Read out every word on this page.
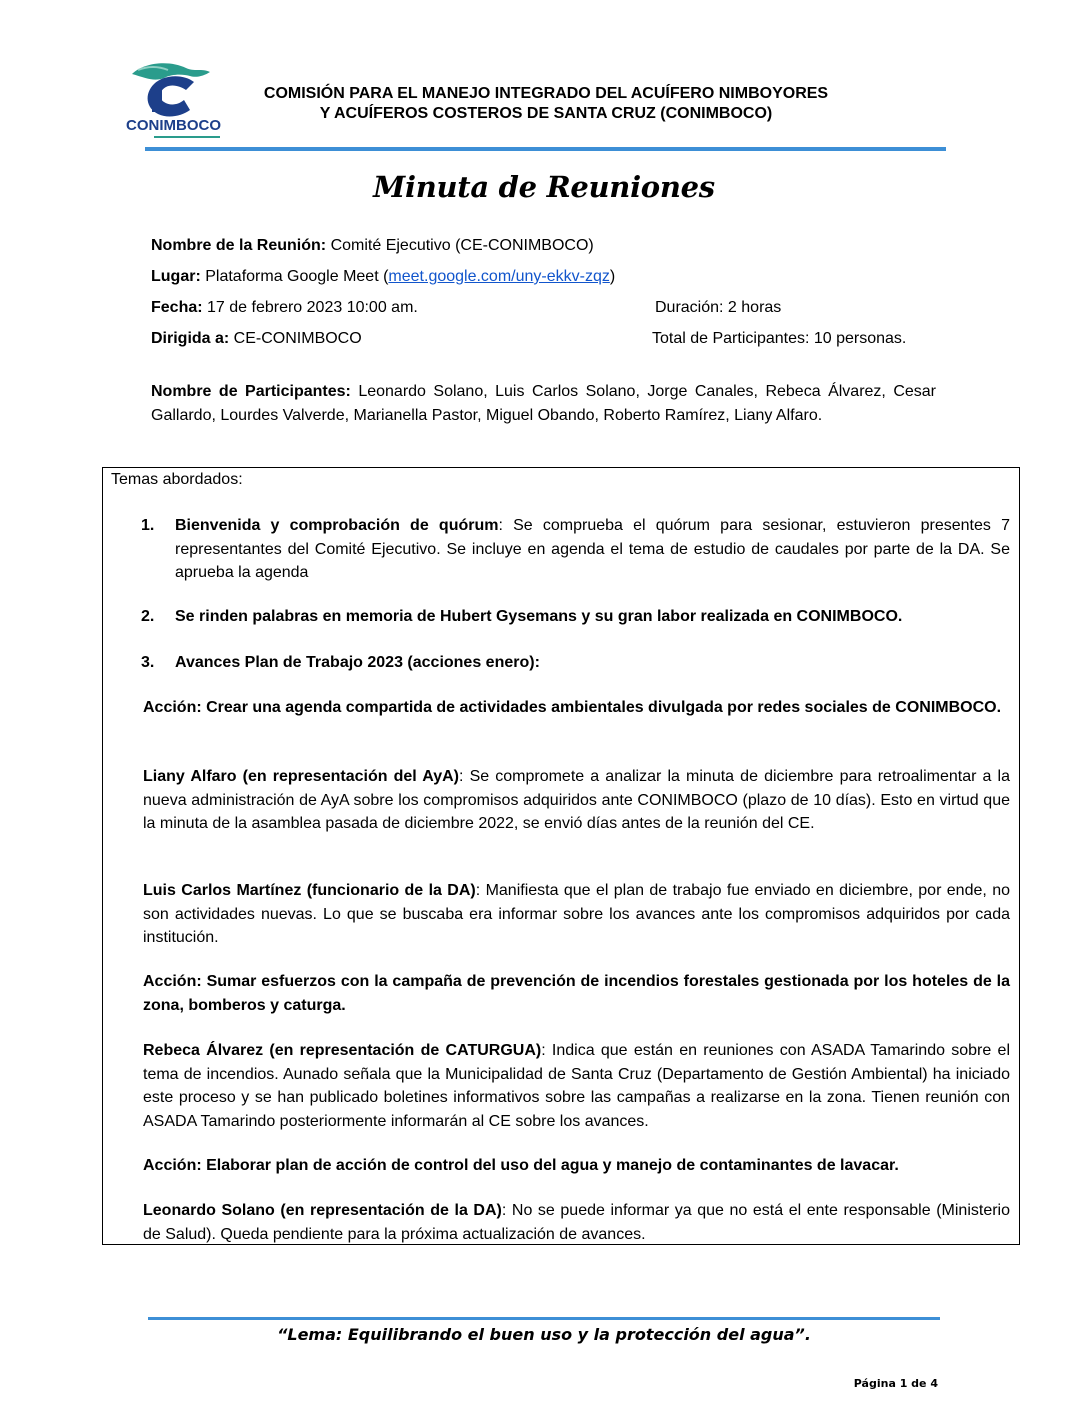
CONIMBOCO
COMISIÓN PARA EL MANEJO INTEGRADO DEL ACUÍFERO NIMBOYORES
Y ACUÍFEROS COSTEROS DE SANTA CRUZ (CONIMBOCO)
Minuta de Reuniones
Nombre de la Reunión: Comité Ejecutivo (CE-CONIMBOCO)
Lugar: Plataforma Google Meet (meet.google.com/uny-ekkv-zqz)
Fecha: 17 de febrero 2023 10:00 am.	Duración: 2 horas
Dirigida a: CE-CONIMBOCO	Total de Participantes: 10 personas.
Nombre de Participantes: Leonardo Solano, Luis Carlos Solano, Jorge Canales, Rebeca Álvarez, Cesar Gallardo, Lourdes Valverde, Marianella Pastor, Miguel Obando, Roberto Ramírez, Liany Alfaro.
Temas abordados:
1. Bienvenida y comprobación de quórum: Se comprueba el quórum para sesionar, estuvieron presentes 7 representantes del Comité Ejecutivo. Se incluye en agenda el tema de estudio de caudales por parte de la DA. Se aprueba la agenda
2. Se rinden palabras en memoria de Hubert Gysemans y su gran labor realizada en CONIMBOCO.
3. Avances Plan de Trabajo 2023 (acciones enero):
Acción: Crear una agenda compartida de actividades ambientales divulgada por redes sociales de CONIMBOCO.
Liany Alfaro (en representación del AyA): Se compromete a analizar la minuta de diciembre para retroalimentar a la nueva administración de AyA sobre los compromisos adquiridos ante CONIMBOCO (plazo de 10 días). Esto en virtud que la minuta de la asamblea pasada de diciembre 2022, se envió días antes de la reunión del CE.
Luis Carlos Martínez (funcionario de la DA): Manifiesta que el plan de trabajo fue enviado en diciembre, por ende, no son actividades nuevas. Lo que se buscaba era informar sobre los avances ante los compromisos adquiridos por cada institución.
Acción: Sumar esfuerzos con la campaña de prevención de incendios forestales gestionada por los hoteles de la zona, bomberos y caturga.
Rebeca Álvarez (en representación de CATURGUA): Indica que están en reuniones con ASADA Tamarindo sobre el tema de incendios. Aunado señala que la Municipalidad de Santa Cruz (Departamento de Gestión Ambiental) ha iniciado este proceso y se han publicado boletines informativos sobre las campañas a realizarse en la zona. Tienen reunión con ASADA Tamarindo posteriormente informarán al CE sobre los avances.
Acción: Elaborar plan de acción de control del uso del agua y manejo de contaminantes de lavacar.
Leonardo Solano (en representación de la DA): No se puede informar ya que no está el ente responsable (Ministerio de Salud). Queda pendiente para la próxima actualización de avances.
“Lema: Equilibrando el buen uso y la protección del agua”.
Página 1 de 4
